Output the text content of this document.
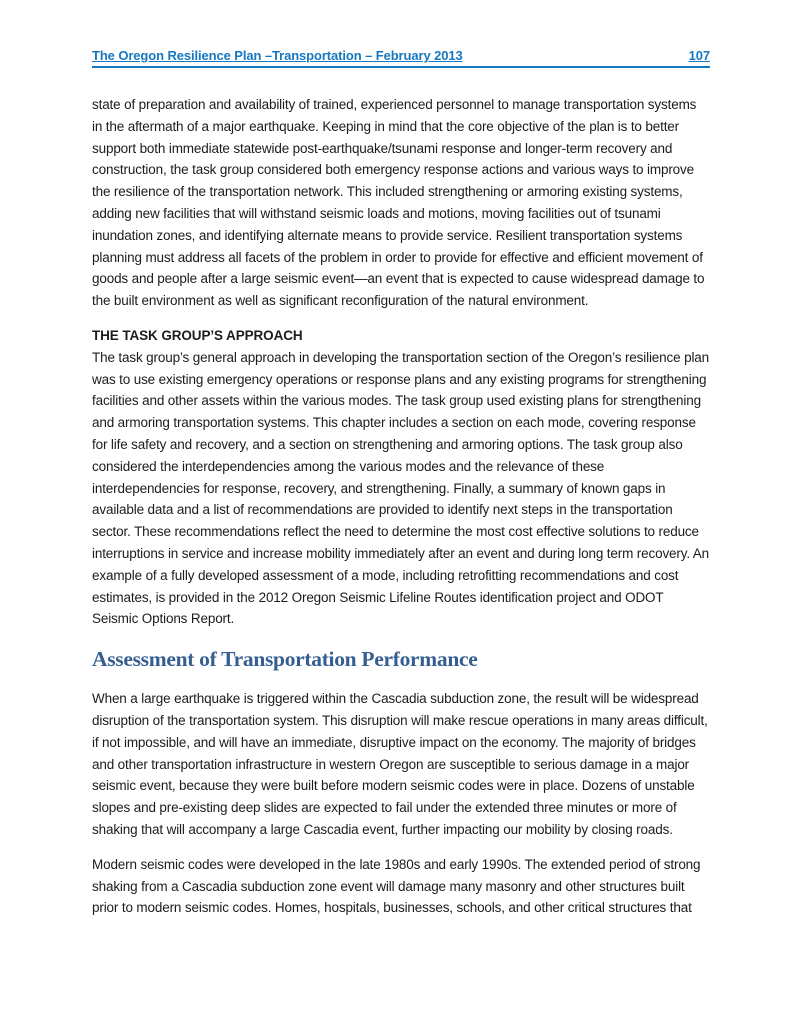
The Oregon Resilience Plan –Transportation – February 2013	107

state of preparation and availability of trained, experienced personnel to manage transportation systems in the aftermath of a major earthquake. Keeping in mind that the core objective of the plan is to better support both immediate statewide post-earthquake/tsunami response and longer-term recovery and construction, the task group considered both emergency response actions and various ways to improve the resilience of the transportation network. This included strengthening or armoring existing systems, adding new facilities that will withstand seismic loads and motions, moving facilities out of tsunami inundation zones, and identifying alternate means to provide service. Resilient transportation systems planning must address all facets of the problem in order to provide for effective and efficient movement of goods and people after a large seismic event—an event that is expected to cause widespread damage to the built environment as well as significant reconfiguration of the natural environment.

THE TASK GROUP’S APPROACH

The task group’s general approach in developing the transportation section of the Oregon’s resilience plan was to use existing emergency operations or response plans and any existing programs for strengthening facilities and other assets within the various modes. The task group used existing plans for strengthening and armoring transportation systems. This chapter includes a section on each mode, covering response for life safety and recovery, and a section on strengthening and armoring options. The task group also considered the interdependencies among the various modes and the relevance of these interdependencies for response, recovery, and strengthening. Finally, a summary of known gaps in available data and a list of recommendations are provided to identify next steps in the transportation sector. These recommendations reflect the need to determine the most cost effective solutions to reduce interruptions in service and increase mobility immediately after an event and during long term recovery. An example of a fully developed assessment of a mode, including retrofitting recommendations and cost estimates, is provided in the 2012 Oregon Seismic Lifeline Routes identification project and ODOT Seismic Options Report.

Assessment of Transportation Performance

When a large earthquake is triggered within the Cascadia subduction zone, the result will be widespread disruption of the transportation system. This disruption will make rescue operations in many areas difficult, if not impossible, and will have an immediate, disruptive impact on the economy. The majority of bridges and other transportation infrastructure in western Oregon are susceptible to serious damage in a major seismic event, because they were built before modern seismic codes were in place. Dozens of unstable slopes and pre-existing deep slides are expected to fail under the extended three minutes or more of shaking that will accompany a large Cascadia event, further impacting our mobility by closing roads.

Modern seismic codes were developed in the late 1980s and early 1990s. The extended period of strong shaking from a Cascadia subduction zone event will damage many masonry and other structures built prior to modern seismic codes. Homes, hospitals, businesses, schools, and other critical structures that
